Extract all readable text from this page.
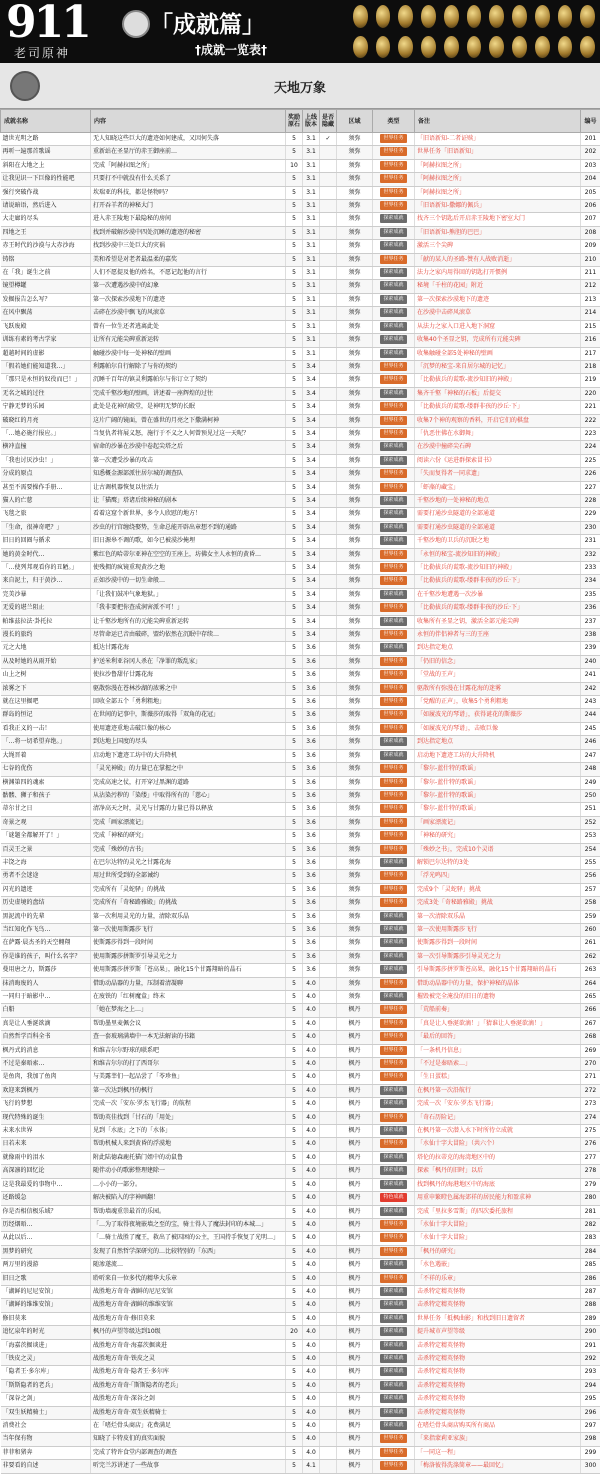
911
老司原神
「成就篇」
†成就一览表†
天地万象
成就名称	内容	奖励原石	上线版本	是否隐藏	区域	类型	备注	编号
遗世光明之路	无人知晓这些巨大的遗迹如何建成，又因何失落	5	3.1	✓	须弥	世界任务	「旧语新知-二者证赎」	201
再听一遍那首歌谣	重新站在圣显厅的赤王御座前…	5	3.1		须弥	世界任务	世界任务「旧语新知」	202
斜阳在大地之上	完成「阿赫拉图之所」	10	3.1		须弥	世界任务	「阿赫拉图之所」	203
让我见识一下巨像的性能吧	只要打不中就没有什么关系了	5	3.1		须弥	世界任务	「阿赫拉图之所」	204
强行突破作战	坎瑞亚的科技，都是怪物吗？	5	3.1		须弥	世界任务	「阿赫拉图之所」	205
请说暗语，然后进入	打开吞羊者的神秘大门	5	3.1		须弥	世界任务	「旧语新知-撒娜的佩兵」	206
大走廊的尽头	进入赤王陵地下最隐秘的房间	5	3.1		须弥	探索成就	找齐三个钥匙后开启赤王陵地下密室大门	207
四地之王	找到并破解沙漠中四处沉睡的遗迹的秘密	5	3.1		须弥	探索成就	「旧语新知-熊胆的巴巴」	208
赤王时代的沙漠与大赤沙海	找到沙漠中三处巨大的灾祸	5	3.1		须弥	探索成就	激活三个尖碑	209
铸铭	美和希望是对老者最温柔的嘉奖	5	3.1		须弥	世界任务	「献的某人的圣路-赞有人战败消逝」	210
在「我」诞生之前	人们不愿提及他的姓名，不愿记起他的言行	5	3.1		须弥	探索成就	法力之家内用得回的钥匙打开惯例	211
镜望樽罐	第一次遭遇沙漠中的幻象	5	3.1		须弥	探索成就	秘境「千柱的花园」附近	212
发掘报告怎么写？	第一次探索沙漠地下的遗迹	5	3.1		须弥	探索成就	第一次探索沙漠地下的遗迹	213
在风中飘荡	击碎在沙漠中飘飞的风滚草	5	3.1		须弥	探索成就	在沙漠中击碎风滚草	214
飞跃废殿	曾有一位生还者逃离此处	5	3.1		须弥	探索成就	从法力之家入口进入地下洞窟	215
训练有素的考古学家	让所有元能尖碑重新运转	5	3.1		须弥	探索成就	收集40个圣显之钥，完成所有元能尖碑	216
超越时间的虚影	触碰沙漠中每一处神秘的壁画	5	3.1		须弥	探索成就	收集触碰全部5处神秘的壁画	217
「假若她们能知道我…」	利露帕尔自行解除了与你的契约	5	3.4		须弥	世界任务	「沉梦的秘宝-来自居尔城的记忆」	218
「那只是永恒的奴役而已！」	沉睡千百年的镇灵利露帕尔与你订立了契约	5	3.4		须弥	世界任务	「比勒拔兵的谎歌-流沙知旧的神殿」	219
无名之城的过往	完成千壑沙地的壁画，讲述着一座辉煌的过往	5	3.4		须弥	探索成就	集齐千壑「神秘的石板」后提交	220
宁静无梦的乐园	此处是花神的殿堂，是神明无梦的长眠	5	3.4		须弥	世界任务	「比勒拔兵的谎歌-缕群非孩的沙丘·下」	221
破晓红的月亮	这片广阔的镜面，曾在盛世的月亮之下撒满柯神	5	3.4		须弥	世界任务	收集7个神的观察的香料，开启它们的棋盘	222
「…她必施行报应。」	当复仇者将展义怒，施行于不义之人何曾预见过这一天呢？	5	3.4		须弥	世界任务	「仇恶住佛在水御舞」	223
横冲直撞	宿命的沙暴在沙漠中卷起尖塔之后	5	3.4		须弥	探索成就	在沙漠中撞碎尖石碑	224
「我也讨厌沙虫！」	第一次遭受沙暴的攻击	5	3.4		须弥	探索成就	阅读六份《运进群探索冒书》	225
分成的原点	知悉概金源部派往居尔城的调查队	5	3.4		须弥	世界任务	「失而复得者一同求遗」	226
甚至不需要操作手册…	让古调机器恢复以往活力	5	3.4		须弥	世界任务	「虾藻的藏宝」	227
猫人的亡慈	让「猫鹰」塔诸后续神秘的剧本	5	3.4		须弥	探索成就	千壑沙地的一处神秘的地点	228
飞毯之旅	看着这窟个新世界，多令人欣慰的地方！	5	3.4		须弥	探索成就	需要打通沙虫隧道的全部通道	229
「生命，很神奇吧？」	沙虫的行宫缠绕娶势，生命总能开辟出章想不到的通路	5	3.4		须弥	探索成就	需要打通沙虫隧道的全部通道	230
旧日的回圈与循求	旧日源皋不调的歌，如今已被漠沙掩埋	5	3.4		须弥	探索成就	千壑沙地的卫兵的沉眠之地	231
她的黄金时代…	紫红色的哈蒂尔亚神在空空的王座上，坊佛女主人永恒的黄昏…	5	3.4		须弥	世界任务	「永恒的秘宝-流沙知旧的神殿」	232
「…使列邦观看你的丑陋。」	使残拥的疯镜重现黄沙之地	5	3.4		须弥	世界任务	「比勒拔兵的谎歌-流沙知旧的神殿」	233
来自泥土，归于黄沙…	正如沙漠中的一切生命般…	5	3.4		须弥	世界任务	「比勒拔兵的谎歌-缕群非孩的沙丘·下」	234
完美沙暴	「让我们鼓冲气象地狱。」	5	3.4		须弥	探索成就	在千壑沙地遭遇一次沙暴	235
无爱的堪兰阻止	「我非要把你查成润害派不可！」	5	3.4		须弥	世界任务	「比勒拔兵的谎歌-缕群非孩的沙丘·下」	236
帕维兹拉法·卦托拉	让千壑沙地所有的元能尖碑重新运转	5	3.4		须弥	探索成就	收集所有圣显之钥，激活全部元能尖碑	237
漫长的旅约	尽管命运已音由破碎，盟约依然在沉眠中存续…	5	3.4		须弥	世界任务	永恒的伴侣神者与三的王座	238
元之大地	抵达甘露花海	5	3.6		须弥	探索成就	到达指定地点	239
从及时她的从雨开始	护送米利亚谷冈人杀在「净罪的叛乱家」	5	3.6		须弥	世界任务	「仍旧的信念」	240
山上之树	使拉沙鲁甜仔廿露花海	5	3.6		须弥	世界任务	「堂战的王声」	241
浓雾之下	驱散弥漫在苍林沙湖的浓雾之中	5	3.6		须弥	世界任务	驱散所有弥漫在甘露花海的迷雾	242
就在这里掘吧	回收全部五个「勇利粗地」	5	3.6		须弥	世界任务	「党醒的正声」，收集5个勇利粗地	243
群岛的恒记	在世间的记事中，斯薇莎的取得「双角的花冠」	5	3.6		须弥	世界任务	「如履波光的琴谱」，获得谜花的斯薇莎	244
看我正义的一击！	使用遗迹重地击破巨像的核心	5	3.6		须弥	世界任务	「如履波光的琴谱」，击败巨像	245
「…将一切希望弃绝。」	到达地上国度的尽头	5	3.6		须弥	探索成就	到达指定地点	246
大绳晋着	启动地下遗迹工坊中的大升降机	5	3.6		须弥	探索成就	启动地下遗迹工坊的大升降机	247
七谷的优伤	「灵光神殿」的力量已在掌握之中	5	3.6		须弥	世界任务	「黎尔-蓝什特的歌谣」	248
横渊第四的魂索	完成高速之仗，打开穿过黑渊的道路	5	3.6		须弥	世界任务	「黎尔-蓝什特的歌谣」	249
骷髅、狮子和孩子	从沾染污秽的「染缕」中取得所有的「慈心」	5	3.6		须弥	世界任务	「黎尔-蓝什特的歌谣」	250
蒂尔甘之日	清净高天之时，灵光与甘露的力量已得以释放	5	3.6		须弥	世界任务	「黎尔-蓝什特的歌谣」	251
奇景之观	完成「画家漂流记」	5	3.6		须弥	世界任务	「画家漂流记」	252
「谜题全都解开了！」	完成「神秘的研究」	5	3.6		须弥	世界任务	「神秘的研究」	253
百灵王之景	完成「殊妙的古书」	5	3.6		须弥	世界任务	「殊妙之书」，完成10个灵谱	254
丰饶之海	在巴尔达特的灵光之甘露花海	5	3.6		须弥	探索成就	解锁巴尔达特的3处	255
勇者不会迷途	用过世所受到的全部诫约	5	3.6		须弥	世界任务	「浮光鸣四」	256
闪光的遗迹	完成所有「灵蛇驿」的挑战	5	3.6		须弥	世界任务	完成9个「灵蛇驿」挑战	257
历史虚境的盘结	完成所有「奇秘路雅殿」的挑战	5	3.6		须弥	世界任务	完成3处「奇秘路雅殿」挑战	258
黑泥流中的先辈	第一次利用灵光的力量，清除双乐晶	5	3.6		须弥	探索成就	第一次清除双乐晶	259
当红知化作飞鸟…	第一次使用斯露莎飞行	5	3.6		须弥	探索成就	第一次使用斯露莎飞行	260
在萨露·晨杰圣的天空翱翔	使斯露莎得到一段时间	5	3.6		须弥	探索成就	使斯露莎得到一段时间	261
你是谁的孩子，叫什么名字？	使用斯露莎拼斯罗引导灵光之力	5	3.6		须弥	探索成就	第一次引导斯露莎引导灵光之力	262
曼用唐之力，斯露莎	使用斯露莎拼罗斯「苍高果」，融化15个甘露翔暗的晶石	5	3.6		须弥	探索成就	引导斯露莎拼罗斯苍高果，融化15个甘露翔暗的晶石	263
抹消晦废的人	借助动晶器的力量，压制着清凝聊	5	4.0		须弥	世界任务	借助动晶器中的力量，保护神秘的晶体	264
一同归于暗影中…	在废铁的「红树魔盒」终末	5	4.0		须弥	探索成就	摧毁被完全淹没的旧日的遗物	265
白船	「她在梦海之上…」	5	4.0		枫丹	世界任务	「荒船前奏」	266
真是让人垂涎欲滴	帮助墨里麦佩会议	5	4.0		枫丹	世界任务	「真是让人垂涎欲滴！」「猜谁让人垂涎欲滴！」	267
自然哲学百科全书	查一套玻璃满墙中一本无法解读的书籍	5	4.0		枫丹	世界任务	「最后的回答」	268
枫丹式的消息	和维吉尔尔野球的联系吧	5	4.0		枫丹	世界任务	「一条机丹信息」	269
不过是秦晤索…	和维吉尔尔的打了西哥尔	5	4.0		枫丹	世界任务	「不过是秦晤索…」	270
是鱼肉，我加了鱼肉	与美露莘们一起品尝了「苓珍鱼」	5	4.0		枫丹	世界任务	「生日蛋糕」	271
欢迎来到枫丹	第一次达到枫丹的枫行	5	4.0		枫丹	探索成就	在枫丹第一次沿航行	272
飞行的梦想	完成一次「安东·罗杰飞行器」的航程	5	4.0		枫丹	探索成就	完成一次「安东·罗杰飞行器」	273
现代特殊的诞生	帮助英佳找到「甘石的「用处」	5	4.0		枫丹	世界任务	「奇石历险记」	274
未来水世界	见到「水底」之下的「水体」	5	4.0		枫丹	探索成就	在枫丹第一次潜入水下时所待立成就	275
日若未来	帮助机械人来到黄昏的浮漠地	5	4.0		枫丹	世界任务	「水仙十字大冒险」（共六个）	276
就像雨中的泪水	附此陆德森鹿托猫门姐中的动鼠鲁	5	4.0		枫丹	探索成就	塔伦的拉蒂克的海湾地区中的	277
高深凛的回忆论	随伴动小的歌影整理建除一	5	4.0		枫丹	探索成就	探索「枫丹的旧时」以后	278
这是我最爱的事物中…	…小小的一部分。	5	4.0		枫丹	探索成就	找到枫丹的海港地区中的海底	279
还路缓急	解决被陷入的字神画翻！	5	4.0		枫丹	特色成就	用重申繁瞪色属海郊祥的居民能力和盈求神	280
你是否相信极乐域？	帮助墙魂重崇最首的乐园。	5	4.0		枫丹	探索成就	完成「里拉多雪斯」的四次委托旅程	281
历经烟晤…	「…为了取得夜境嵌墙之至的宝，骑士得人了魔法封印的本城…」	5	4.0		枫丹	世界任务	「水仙十字大冒险」	282
从此以后…	「…骑士战胜了魔王，救出了被囚困的公主，王国持手恢复了光明…」	5	4.0		枫丹	世界任务	「水仙十字大冒险」	283
黑梦的研究	发现了自然哲学深研究的…比较特别的「东西」	5	4.0		枫丹	世界任务	「枫丹的研究」	284
两万里的漫游	随渗遂流…	5	4.0		枫丹	探索成就	「水色遇嵌」	285
旧日之歌	聆听来自一位多代的精华大乐章	5	4.0		枫丹	世界任务	「不祥的乐章」	286
「湖鲜的尼尼安馆」	战胜地方奇奇·湖鲜的尼尼安馆	5	4.0		枫丹	探索成就	击杀特定精英怪物	287
「湖鲜的维维安馆」	战胜地方奇奇·湖鲜的维维安馆	5	4.0		枫丹	探索成就	击杀特定精英怪物	288
修旧莫来	战胜地方奇奇·修旧莫来	5	4.0		枫丹	探索成就	世界任务「抵枫曲影」和找到旧日遗留者	289
追忆泉年的时光	枫丹的声望等级达到10级	20	4.0		枫丹	探索成就	提升城市声望等级	290
「海嘉茨掘谈进」	战胜地方奇奇·海嘉茨掘谈进	5	4.0		枫丹	探索成就	击杀特定精英怪物	291
「铁皮之灵」	战胜地方奇奇·铁皮之灵	5	4.0		枫丹	探索成就	击杀特定精英怪物	292
「隐者王·多尔库」	战胜地方奇奇·隐者王·多尔库	5	4.0		枫丹	探索成就	击杀特定精英怪物	293
「斯斯隐者的老兵」	战胜地方奇奇·「斯斯隐者的老兵」	5	4.0		枫丹	探索成就	击杀特定精英怪物	294
「深谷之剑」	战胜地方奇奇·深谷之剑	5	4.0		枫丹	探索成就	击杀特定精英怪物	295
「双生妖精骑士」	战胜地方奇奇·双生妖精骑士	5	4.0		枫丹	探索成就	击杀特定精英怪物	296
消费社会	在「嗜烂骨头商店」花费满足	5	4.0		枫丹	探索成就	在嗜烂骨头商店购买所有商品	297
当年保有物	知晓了卡特皮们的真实面貌	5	4.0		枫丹	世界任务	「来指蒙莉亚家族」	298
菲菲和猪奔	完成了特许食堂内部调查的调查	5	4.0		枫丹	世界任务	「一同这一程」	299
非要看的自述	听完兰苏讲述了一些故事	5	4.1		枫丹	世界任务	「梅洛彼得洗涤简章——最回忆」	300
